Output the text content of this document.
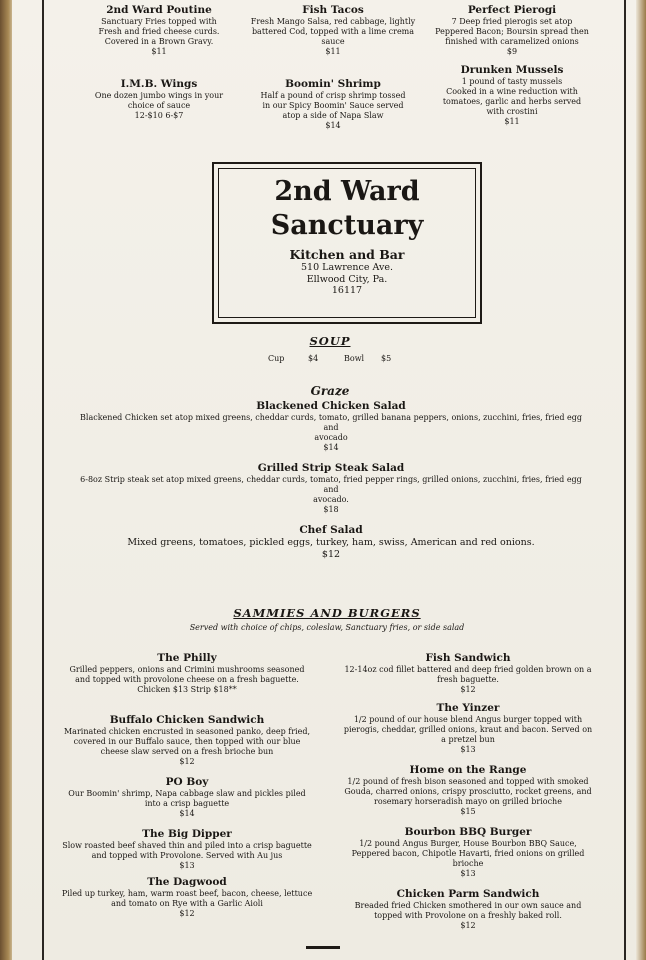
2nd Ward Poutine
Sanctuary Fries topped with
Fresh and fried cheese curds.
Covered in a Brown Gravy.
$11
Fish Tacos
Fresh Mango Salsa, red cabbage, lightly
battered Cod, topped with a lime crema
sauce
$11
Perfect Pierogi
7 Deep fried pierogis set atop
Peppered Bacon; Boursin spread then
finished with caramelized onions
$9
I.M.B. Wings
One dozen jumbo wings in your
choice of sauce
12-$10 6-$7
Boomin' Shrimp
Half a pound of crisp shrimp tossed
in our Spicy Boomin' Sauce served
atop a side of Napa Slaw
$14
Drunken Mussels
1 pound of tasty mussels
Cooked in a wine reduction with
tomatoes, garlic and herbs served
with crostini
$11
2nd Ward
Sanctuary
Kitchen and Bar
510 Lawrence Ave.
Ellwood City, Pa.
16117
SOUP
Cup	$4	Bowl $5
Graze
Blackened Chicken Salad
Blackened Chicken set atop mixed greens, cheddar curds, tomato, grilled banana peppers, onions, zucchini, fries, fried egg and
avocado
$14
Grilled Strip Steak Salad
6-8oz Strip steak set atop mixed greens, cheddar curds, tomato, fried pepper rings, grilled onions, zucchini, fries, fried egg and
avocado.
$18
Chef Salad
Mixed greens, tomatoes, pickled eggs, turkey, ham, swiss, American and red onions.
$12
SAMMIES AND BURGERS
Served with choice of chips, coleslaw, Sanctuary fries, or side salad
The Philly
Grilled peppers, onions and Crimini mushrooms seasoned
and topped with provolone cheese on a fresh baguette.
Chicken $13 Strip $18**
Buffalo Chicken Sandwich
Marinated chicken encrusted in seasoned panko, deep fried,
covered in our Buffalo sauce, then topped with our blue
cheese slaw served on a fresh brioche bun
$12
PO Boy
Our Boomin' shrimp, Napa cabbage slaw and pickles piled
into a crisp baguette
$14
The Big Dipper
Slow roasted beef shaved thin and piled into a crisp baguette
and topped with Provolone. Served with Au jus
$13
The Dagwood
Piled up turkey, ham, warm roast beef, bacon, cheese, lettuce
and tomato on Rye with a Garlic Aioli
$12
Fish Sandwich
12-14oz cod fillet battered and deep fried golden brown on a
fresh baguette.
$12
The Yinzer
1/2 pound of our house blend Angus burger topped with
pierogis, cheddar, grilled onions, kraut and bacon. Served on
a pretzel bun
$13
Home on the Range
1/2 pound of fresh bison seasoned and topped with smoked
Gouda, charred onions, crispy prosciutto, rocket greens, and
rosemary horseradish mayo on grilled brioche
$15
Bourbon BBQ Burger
1/2 pound Angus Burger, House Bourbon BBQ Sauce,
Peppered bacon, Chipotle Havarti, fried onions on grilled
brioche
$13
Chicken Parm Sandwich
Breaded fried Chicken smothered in our own sauce and
topped with Provolone on a freshly baked roll.
$12
